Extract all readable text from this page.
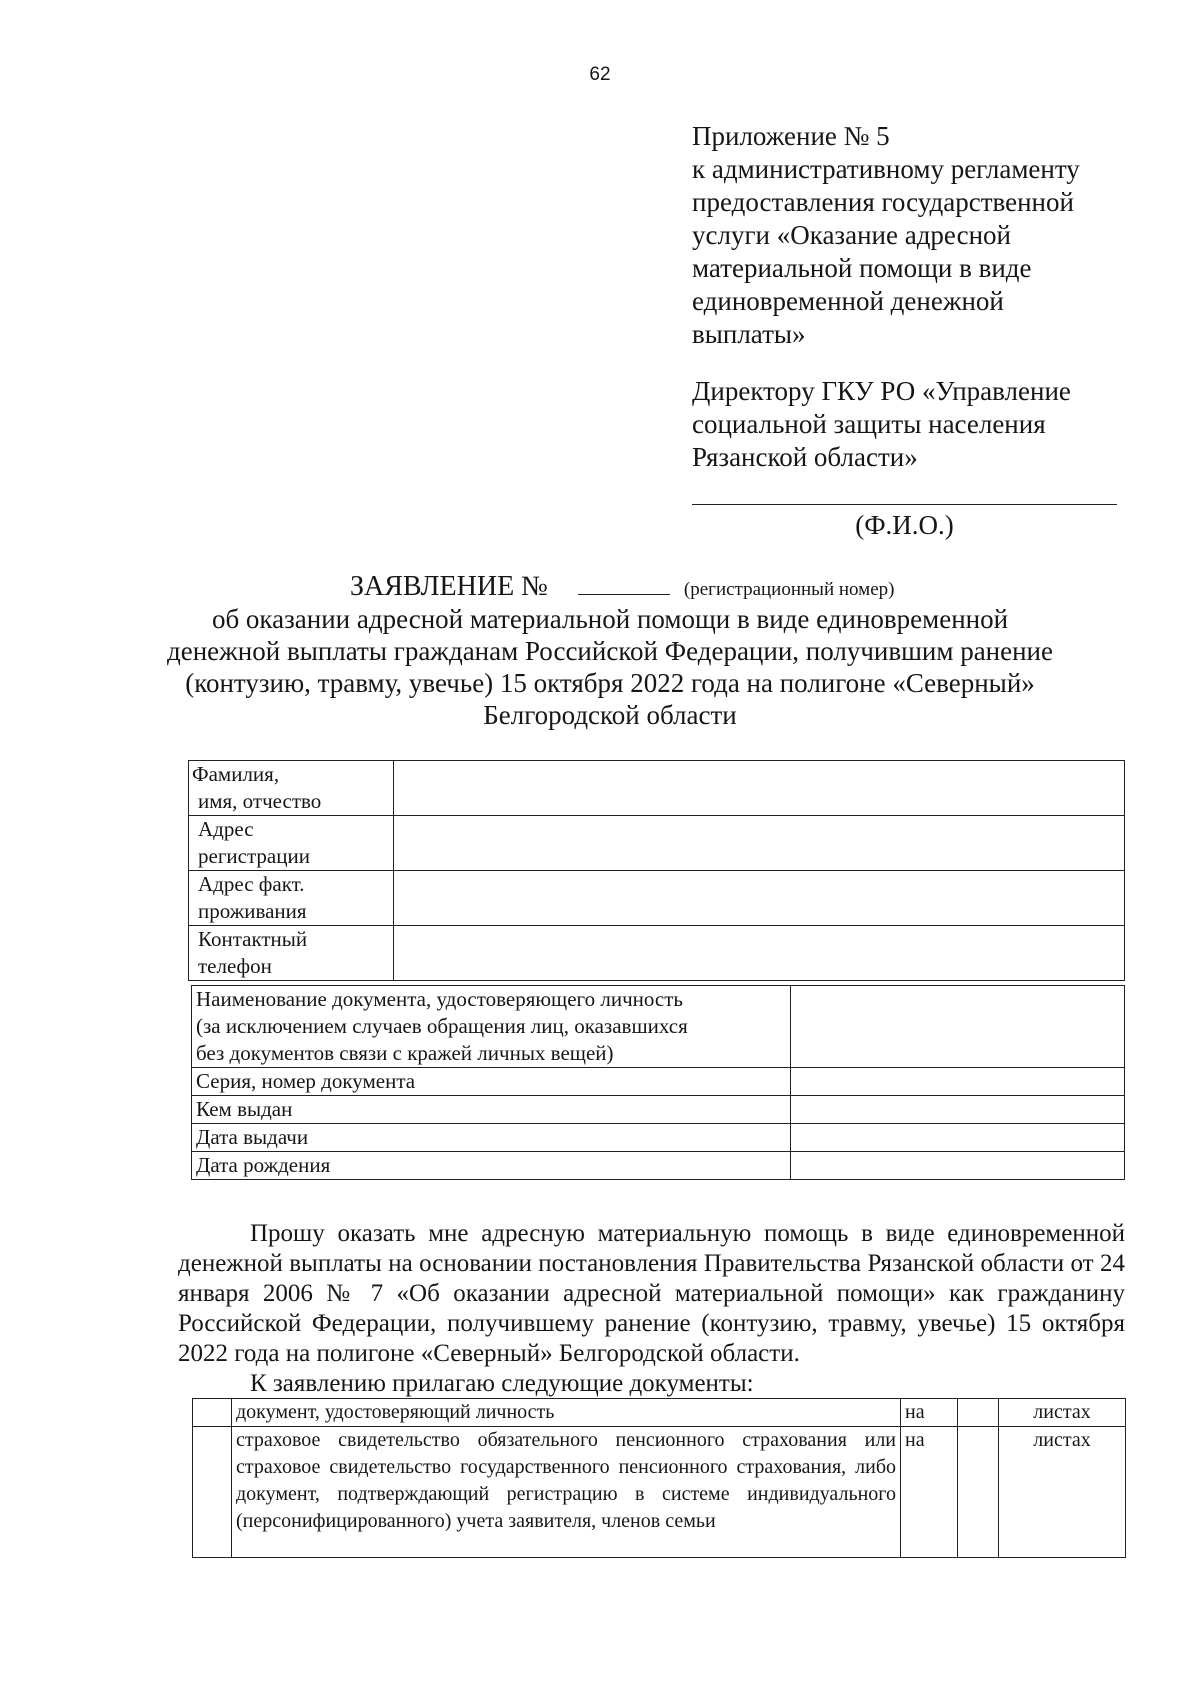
62
Приложение № 5
к административному регламенту
предоставления государственной
услуги «Оказание адресной
материальной помощи в виде
единовременной денежной
выплаты»
Директору ГКУ РО «Управление
социальной защиты населения
Рязанской области»
(Ф.И.О.)
ЗАЯВЛЕНИЕ №	(регистрационный номер)
об оказании адресной материальной помощи в виде единовременной
денежной выплаты гражданам Российской Федерации, получившим ранение
(контузию, травму, увечье) 15 октября 2022 года на полигоне «Северный»
Белгородской области
Фамилия,
имя, отчество	

Адрес
регистрации	

Адрес факт.
проживания	

Контактный
телефон	

Наименование документа, удостоверяющего личность
(за исключением случаев обращения лиц, оказавшихся
без документов связи с кражей личных вещей)	

Серия, номер документа	
Кем выдан	
Дата выдачи	
Дата рождения	
Прошу оказать мне адресную материальную помощь в виде единовременной денежной выплаты на основании постановления Правительства Рязанской области от 24 января 2006 № 7 «Об оказании адресной материальной помощи» как гражданину Российской Федерации, получившему ранение (контузию, травму, увечье) 15 октября 2022 года на полигоне «Северный» Белгородской области.
К заявлению прилагаю следующие документы:
	документ, удостоверяющий личность	на		листах
	страховое свидетельство обязательного пенсионного страхования или страховое свидетельство государственного пенсионного страхования, либо документ, подтверждающий регистрацию в системе индивидуального (персонифицированного) учета заявителя, членов семьи	на		листах
